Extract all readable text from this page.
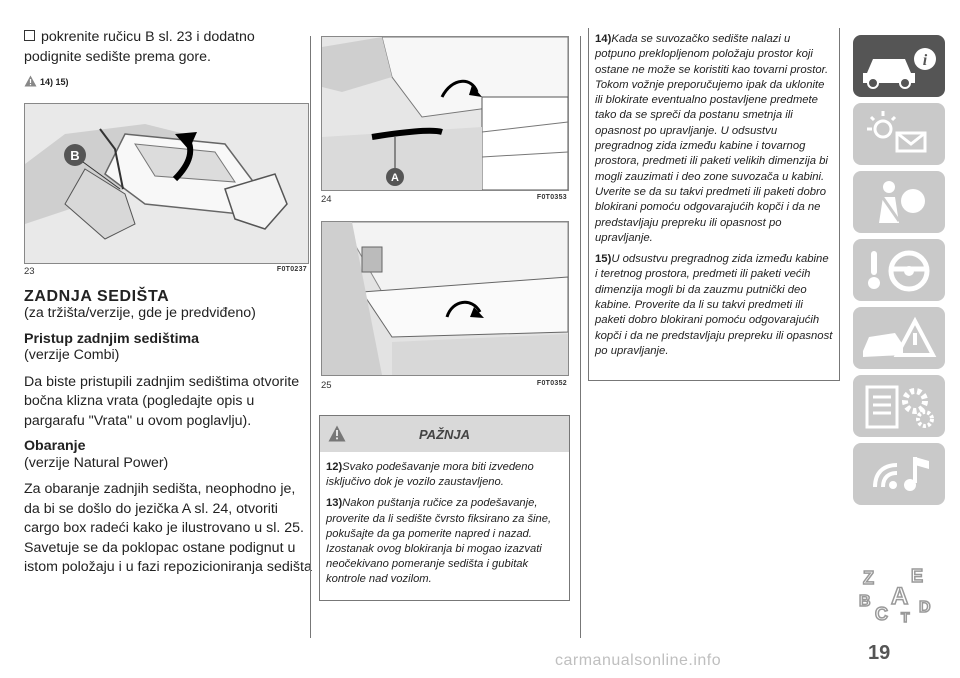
pokrenite ručicu B sl. 23 i dodatno podignite sedište prema gore.

14) 15)
B
23	F0T0237
ZADNJA SEDIŠTA

(za tržišta/verzije, gde je predviđeno)

Pristup zadnjim sedištima

(verzije Combi)

Da biste pristupili zadnjim sedištima otvorite bočna klizna vrata (pogledajte opis u pargarafu "Vrata" u ovom poglavlju).

Obaranje

(verzije Natural Power)

Za obaranje zadnjih sedišta, neophodno je, da bi se došlo do jezička A sl. 24, otvoriti cargo box radeći kako je ilustrovano u sl. 25. Savetuje se da poklopac ostane podignut u istom položaju i u fazi repozicioniranja sedišta

A
24	F0T0353
25	F0T0352
PAŽNJA

12)Svako podešavanje mora biti izvedeno isključivo dok je vozilo zaustavljeno.

13)Nakon puštanja ručice za podešavanje, proverite da li sedište čvrsto fiksirano za šine, pokušajte da ga pomerite napred i nazad. Izostanak ovog blokiranja bi mogao izazvati neočekivano pomeranje sedišta i gubitak kontrole nad vozilom.

14)Kada se suvozačko sedište nalazi u potpuno preklopljenom položaju prostor koji ostane ne može se koristiti kao tovarni prostor. Tokom vožnje preporučujemo ipak da uklonite ili blokirate eventualno postavljene predmete tako da se spreči da postanu smetnja ili opasnost po upravljanje. U odsustvu pregradnog zida između kabine i tovarnog prostora, predmeti ili paketi velikih dimenzija bi mogli zauzimati i deo zone suvozača u kabini. Uverite se da su takvi predmeti ili paketi dobro blokirani pomoću odgovarajućih kopči i da ne predstavljaju prepreku ili opasnost po upravljanje.

15)U odsustvu pregradnog zida između kabine i teretnog prostora, predmeti ili paketi većih dimenzija mogli bi da zauzmu putnički deo kabine. Proverite da li su takvi predmeti ili paketi dobro blokirani pomoću odgovarajućih kopči i da ne predstavljaju prepreku ili opasnost po upravljanje.

i
Z E
B A D
C T
19
carmanualsonline.info
